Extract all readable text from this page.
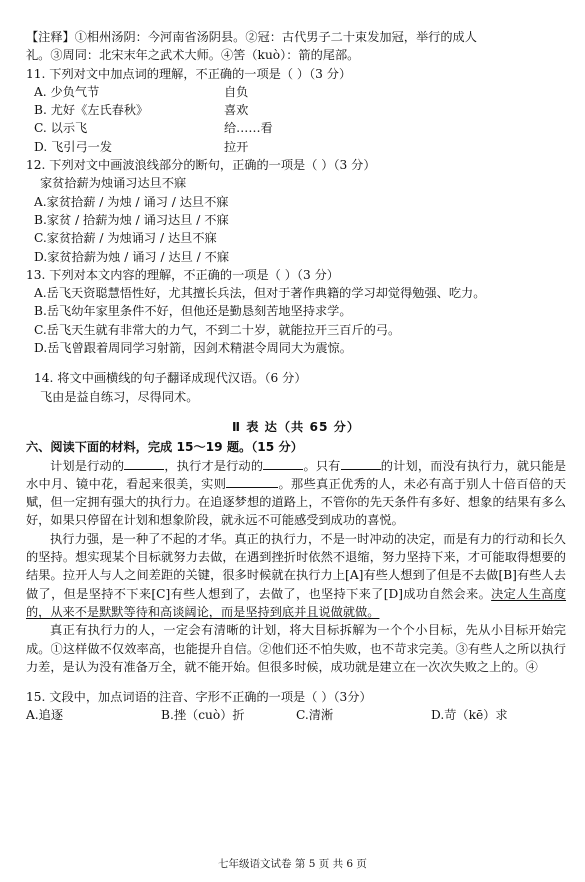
【注释】①相州汤阴：今河南省汤阴县。②冠：古代男子二十束发加冠，举行的成人
礼。③周同：北宋末年之武术大师。④筈（kuò）：箭的尾部。
11. 下列对文中加点词的理解，不正确的一项是（ ）（3 分）
A. 少负气节	自负
B. 尤好《左氏春秋》	喜欢
C. 以示飞	给……看
D. 飞引弓一发	拉开
12. 下列对文中画波浪线部分的断句，正确的一项是（ ）（3 分）
家贫拾薪为烛诵习达旦不寐
A.家贫拾薪 / 为烛 / 诵习 / 达旦不寐
B.家贫 / 拾薪为烛 / 诵习达旦 / 不寐
C.家贫拾薪 / 为烛诵习 / 达旦不寐
D.家贫拾薪为烛 / 诵习 / 达旦 / 不寐
13. 下列对本文内容的理解，不正确的一项是（ ）（3 分）
A.岳飞天资聪慧悟性好，尤其擅长兵法，但对于著作典籍的学习却觉得勉强、吃力。
B.岳飞幼年家里条件不好，但他还是勤恳刻苦地坚持求学。
C.岳飞天生就有非常大的力气，不到二十岁，就能拉开三百斤的弓。
D.岳飞曾跟着周同学习射箭，因剑术精湛令周同大为震惊。
14. 将文中画横线的句子翻译成现代汉语。（6 分）
飞由是益自练习，尽得同术。
Ⅱ 表 达（共 65 分）
六、阅读下面的材料，完成 15～19 题。（15 分）
计划是行动的	，执行才是行动的	。只有	的计划，而没有执行力，就只能是水中月、镜中花，看起来很美，实则	。那些真正优秀的人，未必有高于别人十倍百倍的天赋，但一定拥有强大的执行力。在追逐梦想的道路上，不管你的先天条件有多好、想象的结果有多么好，如果只停留在计划和想象阶段，就永远不可能感受到成功的喜悦。
执行力强，是一种了不起的才华。真正的执行力，不是一时冲动的决定，而是有力的行动和长久的坚持。想实现某个目标就努力去做，在遇到挫折时依然不退缩，努力坚持下来，才可能取得想要的结果。拉开人与人之间差距的关键，很多时候就在执行力上[A]有些人想到了但是不去做[B]有些人去做了，但是坚持不下来[C]有些人想到了，去做了，也坚持下来了[D]成功自然会来。决定人生高度的，从来不是默默等待和高谈阔论，而是坚持到底并且说做就做。
真正有执行力的人，一定会有清晰的计划，将大目标拆解为一个个小目标，先从小目标开始完成。①这样做不仅效率高，也能提升自信。②他们还不怕失败，也不苛求完美。③有些人之所以执行力差，是认为没有准备万全，就不能开始。但很多时候，成功就是建立在一次次失败之上的。④
15. 文段中，加点词语的注音、字形不正确的一项是（ ）（3分）
A.追逐	B.挫（cuò）折	C.清淅	D.苛（kē）求
七年级语文试卷 第 5 页 共 6 页
